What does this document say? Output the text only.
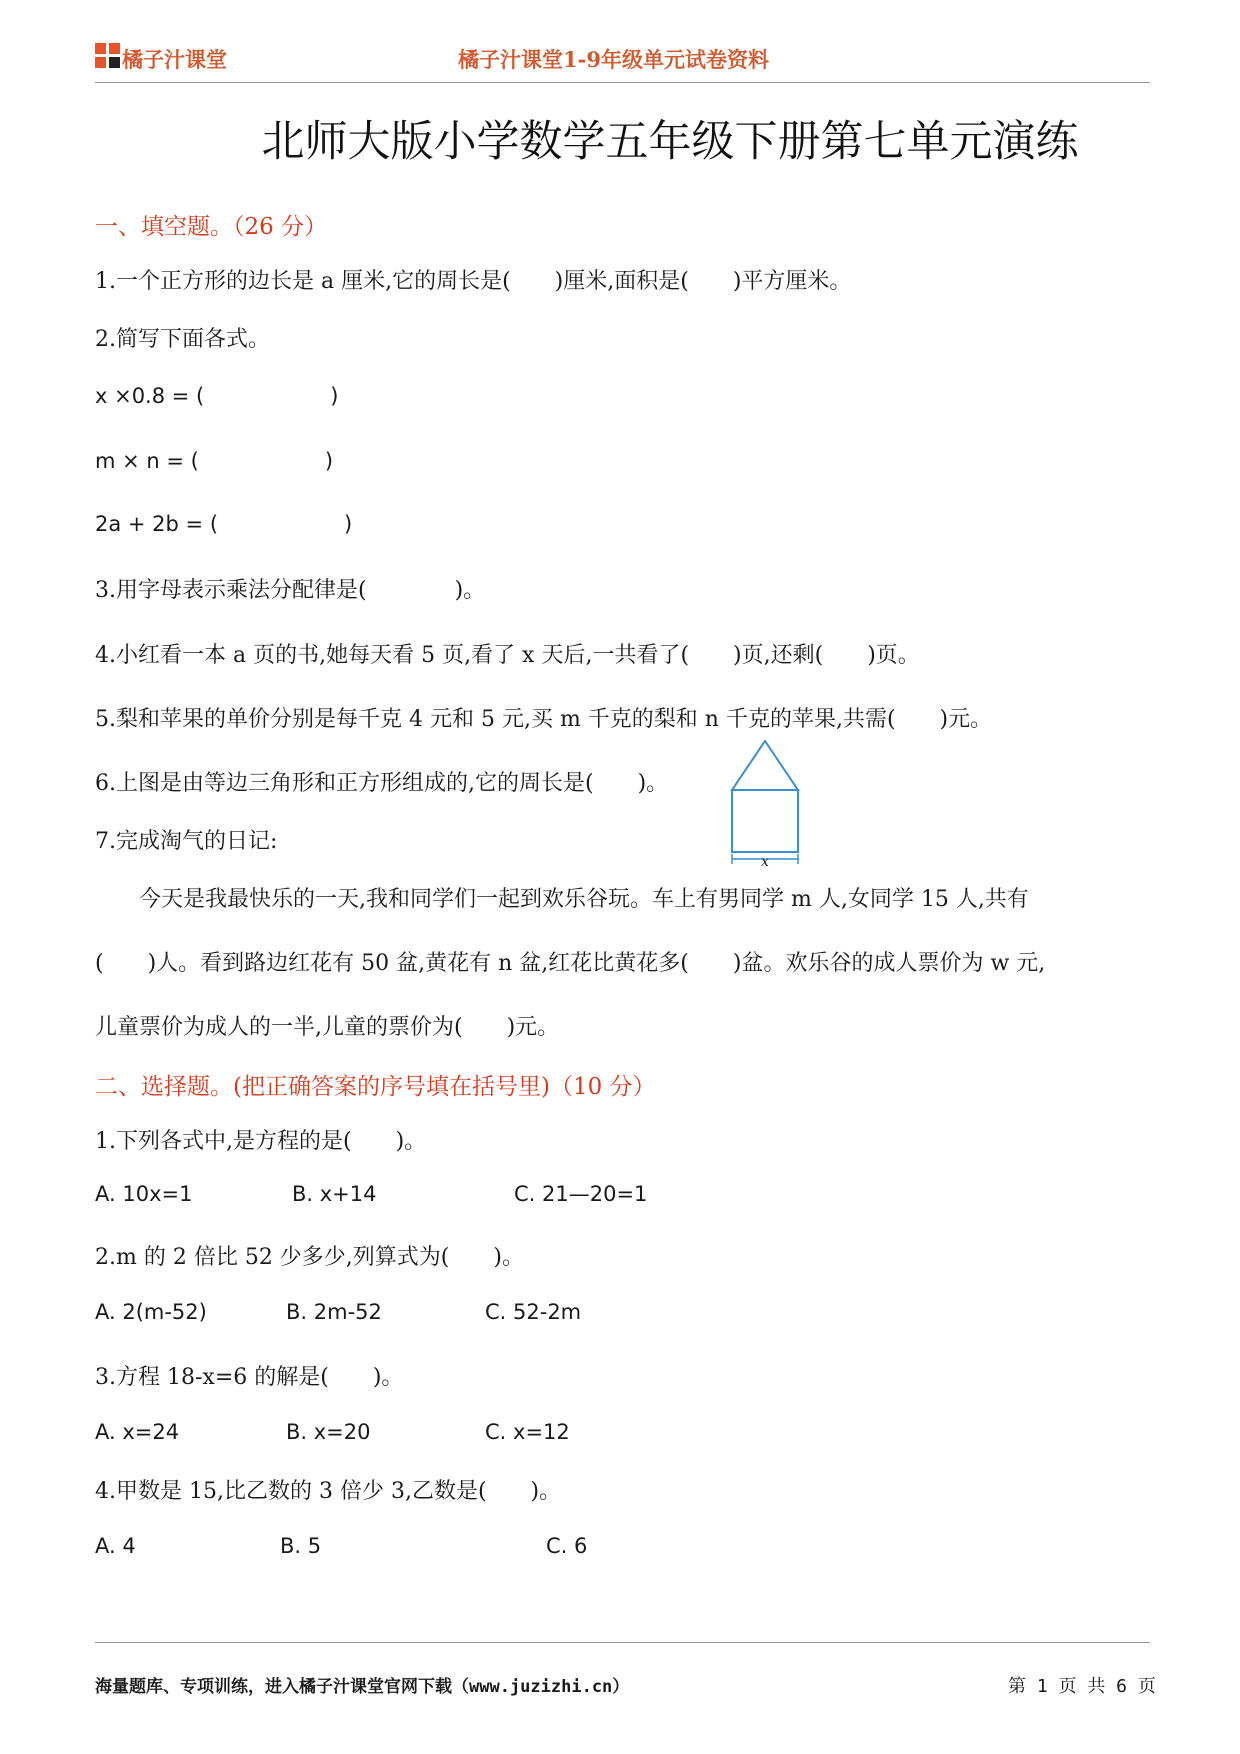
橘子汁课堂	橘子汁课堂1-9年级单元试卷资料
北师大版小学数学五年级下册第七单元演练
一、填空题。（26 分）
1.一个正方形的边长是 a 厘米,它的周长是(　　)厘米,面积是(　　)平方厘米。
2.简写下面各式。
x ×0.8 = (　　　　　　)
m × n = (　　　　　　)
2a + 2b = (　　　　　　)
3.用字母表示乘法分配律是(　　　　)。
4.小红看一本 a 页的书,她每天看 5 页,看了 x 天后,一共看了(　　)页,还剩(　　)页。
5.梨和苹果的单价分别是每千克 4 元和 5 元,买 m 千克的梨和 n 千克的苹果,共需(　　)元。
6.上图是由等边三角形和正方形组成的,它的周长是(　　)。
x
7.完成淘气的日记:
　　今天是我最快乐的一天,我和同学们一起到欢乐谷玩。车上有男同学 m 人,女同学 15 人,共有
(　　)人。看到路边红花有 50 盆,黄花有 n 盆,红花比黄花多(　　)盆。欢乐谷的成人票价为 w 元,
儿童票价为成人的一半,儿童的票价为(　　)元。
二、选择题。(把正确答案的序号填在括号里)（10 分）
1.下列各式中,是方程的是(　　)。
A. 10x=1	B. x+14	C. 21—20=1
2.m 的 2 倍比 52 少多少,列算式为(　　)。
A. 2(m-52)	B. 2m-52	C. 52-2m
3.方程 18-x=6 的解是(　　)。
A. x=24	B. x=20	C. x=12
4.甲数是 15,比乙数的 3 倍少 3,乙数是(　　)。
A. 4	B. 5	C. 6
海量题库、专项训练，进入橘子汁课堂官网下载（www.juzizhi.cn）	第 1 页 共 6 页
